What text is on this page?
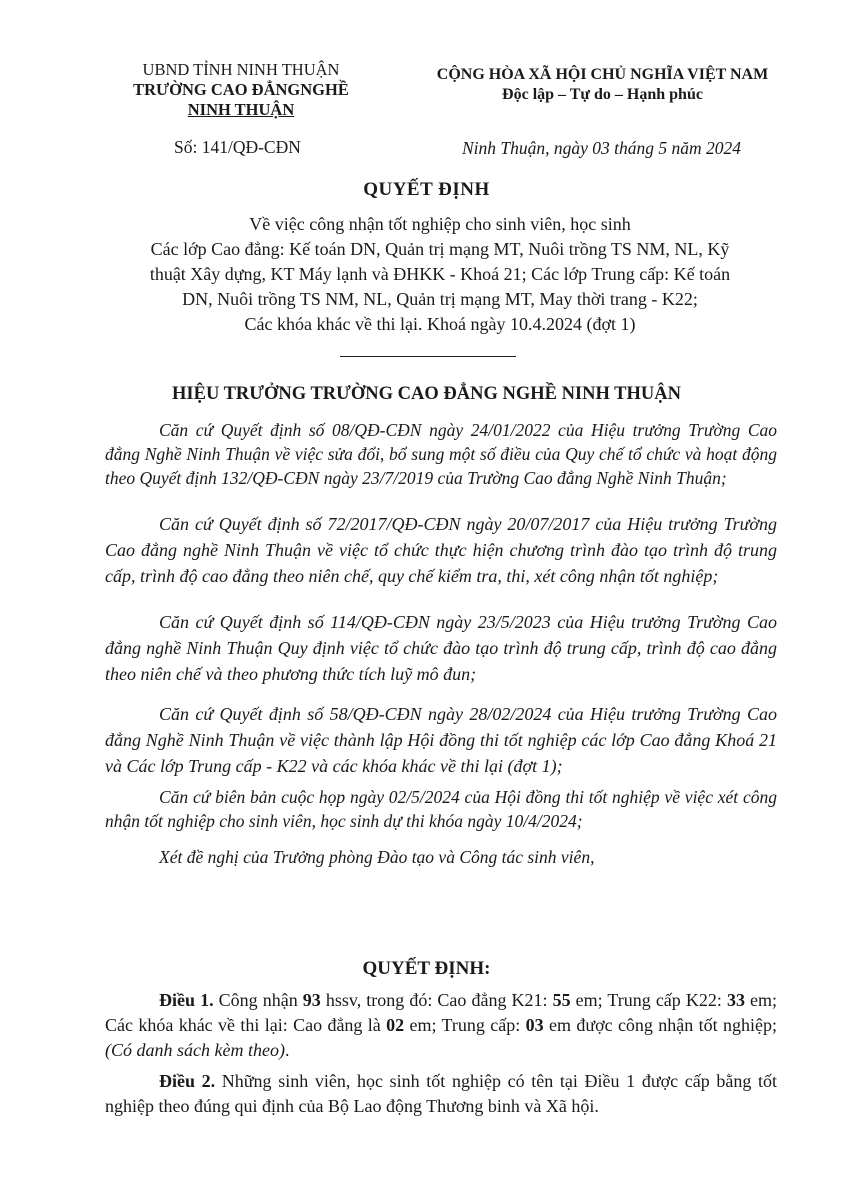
UBND TỈNH NINH THUẬN
TRƯỜNG CAO ĐẲNGNGHỀ
NINH THUẬN
Số: 141/QĐ-CĐN
CỘNG HÒA XÃ HỘI CHỦ NGHĨA VIỆT NAM
Độc lập – Tự do – Hạnh phúc
Ninh Thuận, ngày 03 tháng 5 năm 2024
QUYẾT ĐỊNH
Về việc công nhận tốt nghiệp cho sinh viên, học sinh
Các lớp Cao đẳng: Kế toán DN, Quản trị mạng MT, Nuôi trồng TS NM, NL, Kỹ
thuật Xây dựng, KT Máy lạnh và ĐHKK - Khoá 21; Các lớp Trung cấp: Kế toán
DN, Nuôi trồng TS NM, NL, Quản trị mạng MT, May thời trang - K22;
Các khóa khác về thi lại. Khoá ngày 10.4.2024 (đợt 1)
HIỆU TRƯỞNG TRƯỜNG CAO ĐẲNG NGHỀ NINH THUẬN

Căn cứ Quyết định số 08/QĐ-CĐN ngày 24/01/2022 của Hiệu trưởng Trường Cao đẳng Nghề Ninh Thuận về việc sửa đổi, bổ sung một số điều của Quy chế tổ chức và hoạt động theo Quyết định 132/QĐ-CĐN ngày 23/7/2019 của Trường Cao đẳng Nghề Ninh Thuận;

Căn cứ Quyết định số 72/2017/QĐ-CĐN ngày 20/07/2017 của Hiệu trưởng Trường Cao đẳng nghề Ninh Thuận về việc tổ chức thực hiện chương trình đào tạo trình độ trung cấp, trình độ cao đẳng theo niên chế, quy chế kiểm tra, thi, xét công nhận tốt nghiệp;

Căn cứ Quyết định số 114/QĐ-CĐN ngày 23/5/2023 của Hiệu trưởng Trường Cao đẳng nghề Ninh Thuận Quy định việc tổ chức đào tạo trình độ trung cấp, trình độ cao đẳng theo niên chế và theo phương thức tích luỹ mô đun;

Căn cứ Quyết định số 58/QĐ-CĐN ngày 28/02/2024 của Hiệu trưởng Trường Cao đẳng Nghề Ninh Thuận về việc thành lập Hội đồng thi tốt nghiệp các lớp Cao đẳng Khoá 21 và Các lớp Trung cấp - K22 và các khóa khác về thi lại (đợt 1);

Căn cứ biên bản cuộc họp ngày 02/5/2024 của Hội đồng thi tốt nghiệp về việc xét công nhận tốt nghiệp cho sinh viên, học sinh dự thi khóa ngày 10/4/2024;

Xét đề nghị của Trưởng phòng Đào tạo và Công tác sinh viên,

QUYẾT ĐỊNH:

Điều 1. Công nhận 93 hssv, trong đó: Cao đẳng K21: 55 em; Trung cấp K22: 33 em; Các khóa khác về thi lại: Cao đẳng là 02 em; Trung cấp: 03 em được công nhận tốt nghiệp;(Có danh sách kèm theo).

Điều 2. Những sinh viên, học sinh tốt nghiệp có tên tại Điều 1 được cấp bằng tốt nghiệp theo đúng qui định của Bộ Lao động Thương binh và Xã hội.
